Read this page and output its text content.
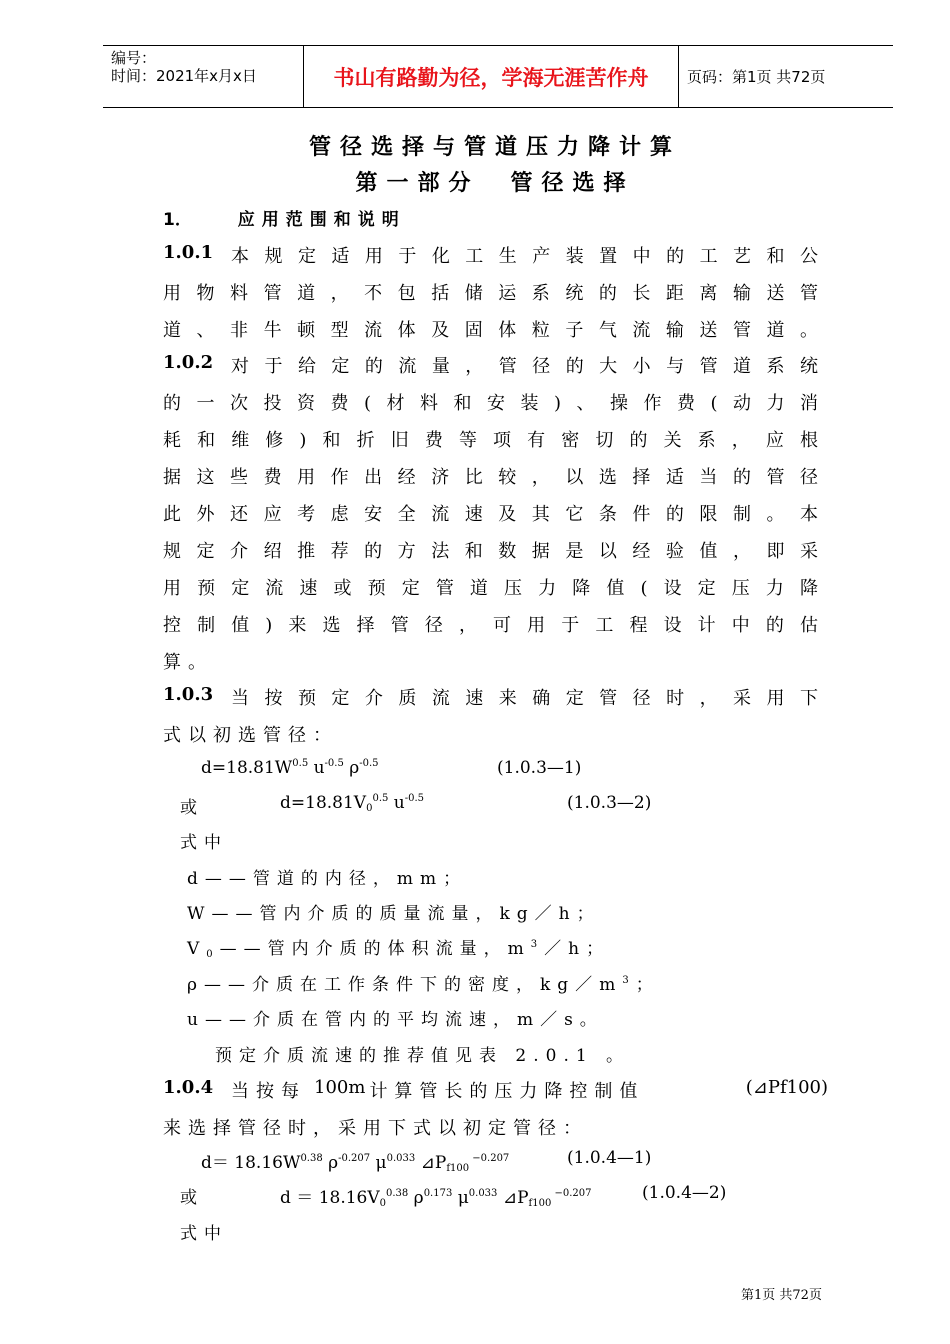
编号：
时间：2021年x月x日	书山有路勤为径，学海无涯苦作舟	页码：第1页 共72页
管径选择与管道压力降计算
第一部分　管径选择
1．	应用范围和说明
1.0.1 本规定适用于化工生产装置中的工艺和公
用物料管道，不包括储运系统的长距离输送管
道、非牛顿型流体及固体粒子气流输送管道。
1.0.2 对于给定的流量，管径的大小与管道系统
的一次投资费(材料和安装)、操作费(动力消
耗和维修)和折旧费等项有密切的关系，应根
据这些费用作出经济比较，以选择适当的管径
此外还应考虑安全流速及其它条件的限制。本
规定介绍推荐的方法和数据是以经验值，即采
用预定流速或预定管道压力降值(设定压力降
控制值)来选择管径，可用于工程设计中的估
算。
1.0.3 当按预定介质流速来确定管径时，采用下
式以初选管径：
$d=18.81W^{0.5}$ $u^{-0.5}$ $\rho^{-0.5}$	(1.0.3—1)
或	$d=18.81V_0^{0.5}$ $u^{-0.5}$	(1.0.3—2)
式中
d——管道的内径，mm；
W——管内介质的质量流量，kg／h；
$V_0——$管内介质的体积流量，$m^3/h$；
ρ——介质在工作条件下的密度，$kg/m^3$；
u——介质在管内的平均流速，m／s。
预定介质流速的推荐值见表 2.0.1 。
1.0.4 当按每 100m 计算管长的压力降控制值	(⊿Pf100)
来选择管径时，采用下式以初定管径：
$d= 18.16W^{0.38}$ $\rho^{-0.207}$ $\mu^{0.033}$ $⊿P_{f100}$ $^{-0.207}$	(1.0.4—1)
或	$d = 18.16V_0^{0.38}$ $\rho^{0.173}$ $\mu^{0.033}$ $⊿P_{f100}$ $^{-0.207}$	(1.0.4—2)
式中
第1页 共72页
